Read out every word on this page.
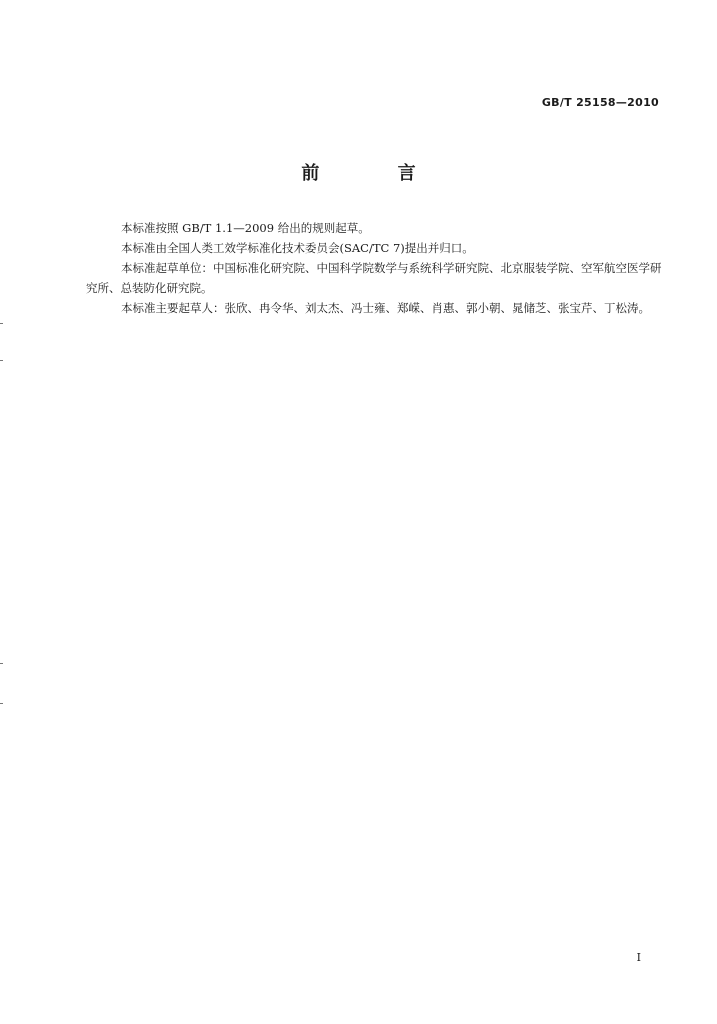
GB/T 25158—2010
前 言

本标准按照 GB/T 1.1—2009 给出的规则起草。

本标准由全国人类工效学标准化技术委员会(SAC/TC 7)提出并归口。

本标准起草单位：中国标准化研究院、中国科学院数学与系统科学研究院、北京服装学院、空军航空医学研究所、总装防化研究院。

本标准主要起草人：张欣、冉令华、刘太杰、冯士雍、郑嵘、肖惠、郭小朝、晁储芝、张宝芹、丁松涛。

I
